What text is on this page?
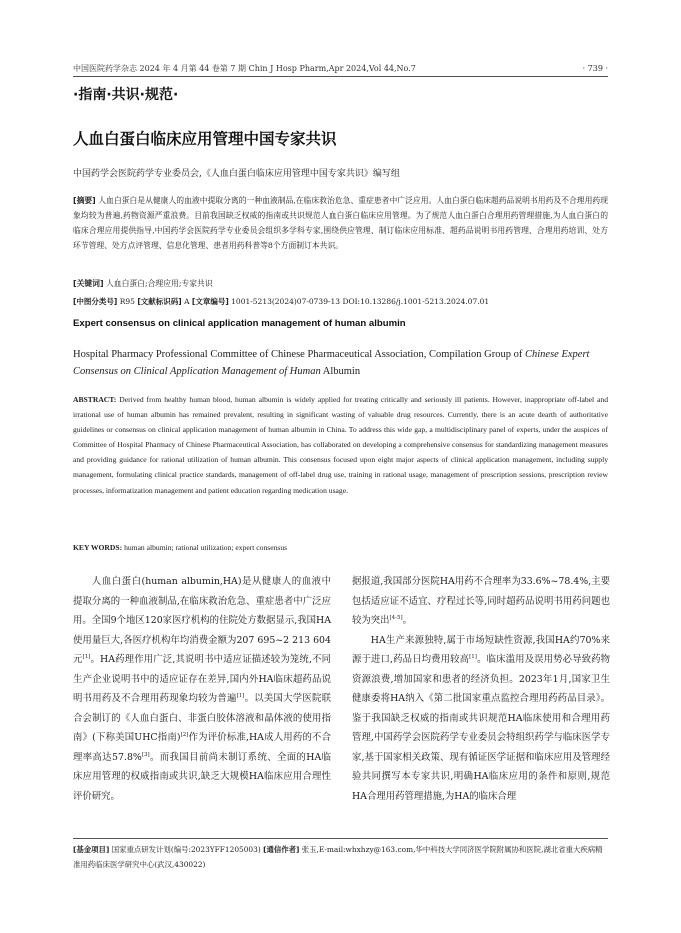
中国医院药学杂志 2024 年 4 月第 44 卷第 7 期 Chin J Hosp Pharm,Apr 2024,Vol 44,No.7	· 739 ·
·指南·共识·规范·
人血白蛋白临床应用管理中国专家共识
中国药学会医院药学专业委员会,《人血白蛋白临床应用管理中国专家共识》编写组
[摘要] 人血白蛋白是从健康人的血液中提取分离的一种血液制品,在临床救治危急、重症患者中广泛应用。人血白蛋白临床超药品说明书用药及不合理用药现象均较为普遍,药物资源严重浪费。目前我国缺乏权威的指南或共识规范人血白蛋白临床应用管理。为了规范人血白蛋白合理用药管理措施,为人血白蛋白的临床合理应用提供指导,中国药学会医院药学专业委员会组织多学科专家,围绕供应管理、制订临床应用标准、超药品说明书用药管理、合理用药培训、处方环节管理、处方点评管理、信息化管理、患者用药科普等8个方面制订本共识。
[关键词] 人血白蛋白;合理应用;专家共识
[中图分类号] R95 [文献标识码] A [文章编号] 1001-5213(2024)07-0739-13 DOI:10.13286/j.1001-5213.2024.07.01
Expert consensus on clinical application management of human albumin
Hospital Pharmacy Professional Committee of Chinese Pharmaceutical Association, Compilation Group of Chinese Expert Consensus on Clinical Application Management of Human Albumin
ABSTRACT: Derived from healthy human blood, human albumin is widely applied for treating critically and seriously ill patients. However, inappropriate off-label and irrational use of human albumin has remained prevalent, resulting in significant wasting of valuable drug resources. Currently, there is an acute dearth of authoritative guidelines or consensus on clinical application management of human albumin in China. To address this wide gap, a multidisciplinary panel of experts, under the auspices of Committee of Hospital Pharmacy of Chinese Pharmaceutical Association, has collaborated on developing a comprehensive consensus for standardizing management measures and providing guidance for rational utilization of human albumin. This consensus focused upon eight major aspects of clinical application management, including supply management, formulating clinical practice standards, management of off-label drug use, training in rational usage, management of prescription sessions, prescription review processes, informatization management and patient education regarding medication usage.
KEY WORDS: human albumin; rational utilization; expert consensus

人血白蛋白(human albumin,HA)是从健康人的血液中提取分离的一种血液制品,在临床救治危急、重症患者中广泛应用。全国9个地区120家医疗机构的住院处方数据显示,我国HA使用量巨大,各医疗机构年均消费金额为207 695~2 213 604元[1]。HA药理作用广泛,其说明书中适应证描述较为笼统,不同生产企业说明书中的适应证存在差异,国内外HA临床超药品说明书用药及不合理用药现象均较为普遍[1]。以美国大学医院联合会制订的《人血白蛋白、非蛋白胶体溶液和晶体液的使用指南》(下称美国UHC指南)[2]作为评价标准,HA成人用药的不合理率高达57.8%[3]。而我国目前尚未制订系统、全面的HA临床应用管理的权威指南或共识,缺乏大规模HA临床应用合理性评价研究。

据报道,我国部分医院HA用药不合理率为33.6%~78.4%,主要包括适应证不适宜、疗程过长等,同时超药品说明书用药问题也较为突出[4-5]。

HA生产来源独特,属于市场短缺性资源,我国HA约70%来源于进口,药品日均费用较高[1]。临床滥用及误用势必导致药物资源浪费,增加国家和患者的经济负担。2023年1月,国家卫生健康委将HA纳入《第二批国家重点监控合理用药药品目录》。鉴于我国缺乏权威的指南或共识规范HA临床使用和合理用药管理,中国药学会医院药学专业委员会特组织药学与临床医学专家,基于国家相关政策、现有循证医学证据和临床应用及管理经验共同撰写本专家共识,明确HA临床应用的条件和原则,规范HA合理用药管理措施,为HA的临床合理

[基金项目] 国家重点研发计划(编号:2023YFF1205003) [通信作者] 张玉,E-mail:whxhzy@163.com,华中科技大学同济医学院附属协和医院,湖北省重大疾病精准用药临床医学研究中心(武汉,430022)
